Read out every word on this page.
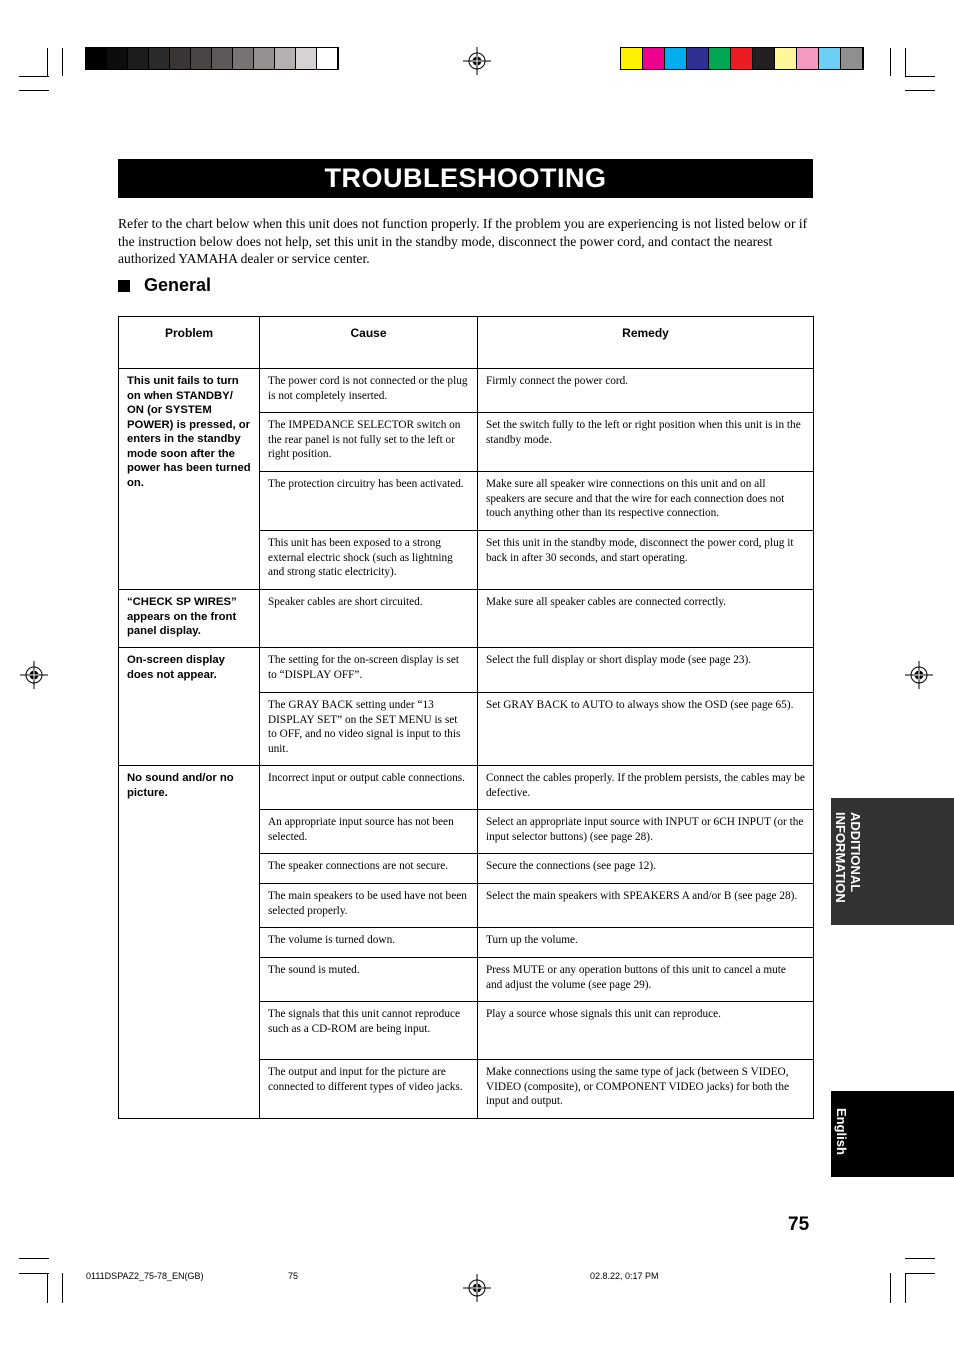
TROUBLESHOOTING
Refer to the chart below when this unit does not function properly. If the problem you are experiencing is not listed below or if the instruction below does not help, set this unit in the standby mode, disconnect the power cord, and contact the nearest authorized YAMAHA dealer or service center.
General
Problem	Cause	Remedy
This unit fails to turn on when STANDBY/ ON (or SYSTEM POWER) is pressed, or enters in the standby mode soon after the power has been turned on.	The power cord is not connected or the plug is not completely inserted.	Firmly connect the power cord.
	The IMPEDANCE SELECTOR switch on the rear panel is not fully set to the left or right position.	Set the switch fully to the left or right position when this unit is in the standby mode.
	The protection circuitry has been activated.	Make sure all speaker wire connections on this unit and on all speakers are secure and that the wire for each connection does not touch anything other than its respective connection.
	This unit has been exposed to a strong external electric shock (such as lightning and strong static electricity).	Set this unit in the standby mode, disconnect the power cord, plug it back in after 30 seconds, and start operating.
“CHECK SP WIRES” appears on the front panel display.	Speaker cables are short circuited.	Make sure all speaker cables are connected correctly.
On-screen display does not appear.	The setting for the on-screen display is set to “DISPLAY OFF”.	Select the full display or short display mode (see page 23).
	The GRAY BACK setting under “13 DISPLAY SET” on the SET MENU is set to OFF, and no video signal is input to this unit.	Set GRAY BACK to AUTO to always show the OSD (see page 65).
No sound and/or no picture.	Incorrect input or output cable connections.	Connect the cables properly. If the problem persists, the cables may be defective.
	An appropriate input source has not been selected.	Select an appropriate input source with INPUT or 6CH INPUT (or the input selector buttons) (see page 28).
	The speaker connections are not secure.	Secure the connections (see page 12).
	The main speakers to be used have not been selected properly.	Select the main speakers with SPEAKERS A and/or B (see page 28).
	The volume is turned down.	Turn up the volume.
	The sound is muted.	Press MUTE or any operation buttons of this unit to cancel a mute and adjust the volume (see page 29).
	The signals that this unit cannot reproduce such as a CD-ROM are being input.	Play a source whose signals this unit can reproduce.
	The output and input for the picture are connected to different types of video jacks.	Make connections using the same type of jack (between S VIDEO, VIDEO (composite), or COMPONENT VIDEO jacks) for both the input and output.
ADDITIONAL
INFORMATION
English
75
0111DSPAZ2_75-78_EN(GB)	75	02.8.22, 0:17 PM
